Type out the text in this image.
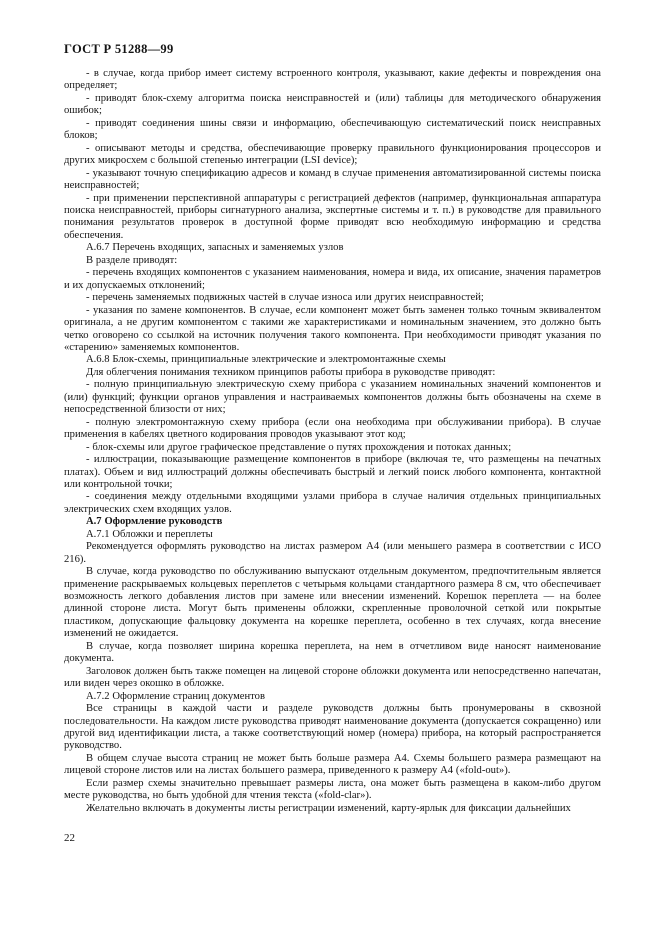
ГОСТ Р 51288—99

- в случае, когда прибор имеет систему встроенного контроля, указывают, какие дефекты и повреждения она определяет;

- приводят блок-схему алгоритма поиска неисправностей и (или) таблицы для методического обнаружения ошибок;

- приводят соединения шины связи и информацию, обеспечивающую систематический поиск неисправных блоков;

- описывают методы и средства, обеспечивающие проверку правильного функционирования процессоров и других микросхем с большой степенью интеграции (LSI device);

- указывают точную спецификацию адресов и команд в случае применения автоматизированной системы поиска неисправностей;

- при применении перспективной аппаратуры с регистрацией дефектов (например, функциональная аппаратура поиска неисправностей, приборы сигнатурного анализа, экспертные системы и т. п.) в руководстве для правильного понимания результатов проверок в доступной форме приводят всю необходимую информацию и средства обеспечения.

А.6.7 Перечень входящих, запасных и заменяемых узлов

В разделе приводят:

- перечень входящих компонентов с указанием наименования, номера и вида, их описание, значения параметров и их допускаемых отклонений;

- перечень заменяемых подвижных частей в случае износа или других неисправностей;

- указания по замене компонентов. В случае, если компонент может быть заменен только точным эквивалентом оригинала, а не другим компонентом с такими же характеристиками и номинальным значением, это должно быть четко оговорено со ссылкой на источник получения такого компонента. При необходимости приводят указания по «старению» заменяемых компонентов.

А.6.8 Блок-схемы, принципиальные электрические и электромонтажные схемы

Для облегчения понимания техником принципов работы прибора в руководстве приводят:

- полную принципиальную электрическую схему прибора с указанием номинальных значений компонентов и (или) функций; функции органов управления и настраиваемых компонентов должны быть обозначены на схеме в непосредственной близости от них;

- полную электромонтажную схему прибора (если она необходима при обслуживании прибора). В случае применения в кабелях цветного кодирования проводов указывают этот код;

- блок-схемы или другое графическое представление о путях прохождения и потоках данных;

- иллюстрации, показывающие размещение компонентов в приборе (включая те, что размещены на печатных платах). Объем и вид иллюстраций должны обеспечивать быстрый и легкий поиск любого компонента, контактной или контрольной точки;

- соединения между отдельными входящими узлами прибора в случае наличия отдельных принципиальных электрических схем входящих узлов.

А.7 Оформление руководств

А.7.1 Обложки и переплеты

Рекомендуется оформлять руководство на листах размером А4 (или меньшего размера в соответствии с ИСО 216).

В случае, когда руководство по обслуживанию выпускают отдельным документом, предпочтительным является применение раскрываемых кольцевых переплетов с четырьмя кольцами стандартного размера 8 см, что обеспечивает возможность легкого добавления листов при замене или внесении изменений. Корешок переплета — на более длинной стороне листа. Могут быть применены обложки, скрепленные проволочной сеткой или покрытые пластиком, допускающие фальцовку документа на корешке переплета, особенно в тех случаях, когда внесение изменений не ожидается.

В случае, когда позволяет ширина корешка переплета, на нем в отчетливом виде наносят наименование документа.

Заголовок должен быть также помещен на лицевой стороне обложки документа или непосредственно напечатан, или виден через окошко в обложке.

А.7.2 Оформление страниц документов

Все страницы в каждой части и разделе руководств должны быть пронумерованы в сквозной последовательности. На каждом листе руководства приводят наименование документа (допускается сокращенно) или другой вид идентификации листа, а также соответствующий номер (номера) прибора, на который распространяется руководство.

В общем случае высота страниц не может быть больше размера А4. Схемы большего размера размещают на лицевой стороне листов или на листах большего размера, приведенного к размеру А4 («fold-out»).

Если размер схемы значительно превышает размеры листа, она может быть размещена в каком-либо другом месте руководства, но быть удобной для чтения текста («fold-clar»).

Желательно включать в документы листы регистрации изменений, карту-ярлык для фиксации дальнейших

22
